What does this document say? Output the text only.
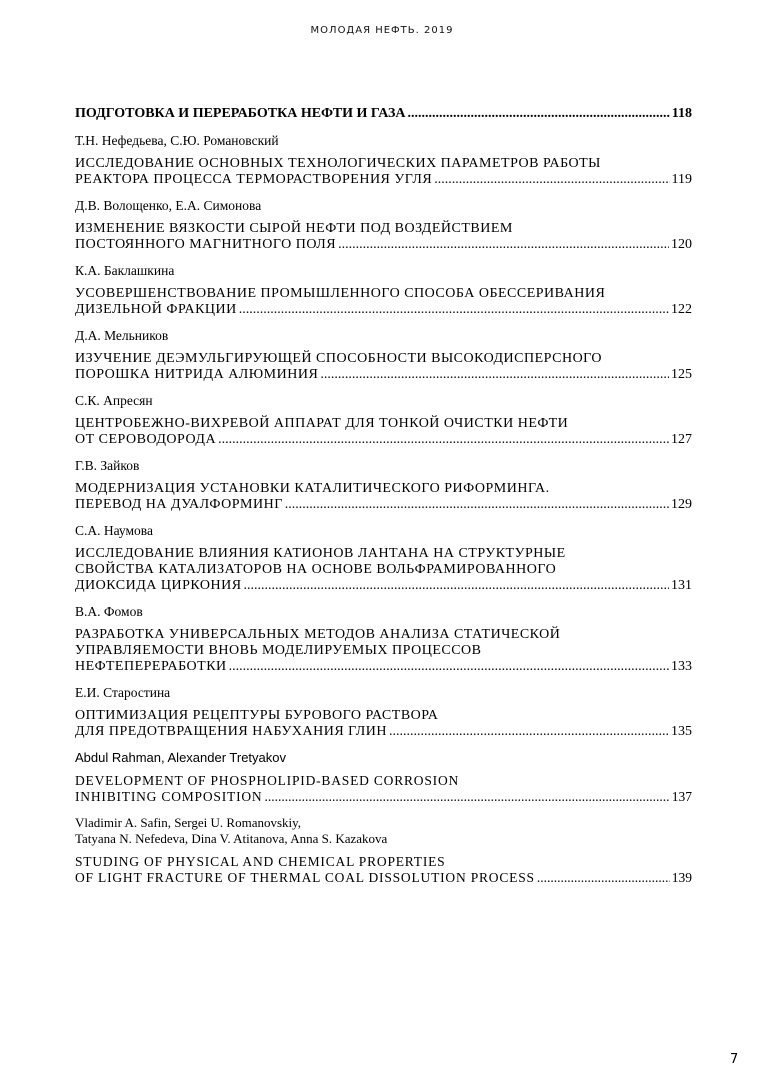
МОЛОДАЯ НЕФТЬ. 2019
ПОДГОТОВКА И ПЕРЕРАБОТКА НЕФТИ И ГАЗА .....	118
Т.Н. Нефедьева, С.Ю. Романовский
ИССЛЕДОВАНИЕ ОСНОВНЫХ ТЕХНОЛОГИЧЕСКИХ ПАРАМЕТРОВ РАБОТЫ
РЕАКТОРА ПРОЦЕССА ТЕРМОРАСТВОРЕНИЯ УГЛЯ .....	119
Д.В. Волощенко, Е.А. Симонова
ИЗМЕНЕНИЕ ВЯЗКОСТИ СЫРОЙ НЕФТИ ПОД ВОЗДЕЙСТВИЕМ
ПОСТОЯННОГО МАГНИТНОГО ПОЛЯ .....	120
К.А. Баклашкина
УСОВЕРШЕНСТВОВАНИЕ ПРОМЫШЛЕННОГО СПОСОБА ОБЕССЕРИВАНИЯ
ДИЗЕЛЬНОЙ ФРАКЦИИ .....	122
Д.А. Мельников
ИЗУЧЕНИЕ ДЕЭМУЛЬГИРУЮЩЕЙ СПОСОБНОСТИ ВЫСОКОДИСПЕРСНОГО
ПОРОШКА НИТРИДА АЛЮМИНИЯ .....	125
С.К. Апресян
ЦЕНТРОБЕЖНО-ВИХРЕВОЙ АППАРАТ ДЛЯ ТОНКОЙ ОЧИСТКИ НЕФТИ
ОТ СЕРОВОДОРОДА .....	127
Г.В. Зайков
МОДЕРНИЗАЦИЯ УСТАНОВКИ КАТАЛИТИЧЕСКОГО РИФОРМИНГА.
ПЕРЕВОД НА ДУАЛФОРМИНГ .....	129
С.А. Наумова
ИССЛЕДОВАНИЕ ВЛИЯНИЯ КАТИОНОВ ЛАНТАНА НА СТРУКТУРНЫЕ
СВОЙСТВА КАТАЛИЗАТОРОВ НА ОСНОВЕ ВОЛЬФРАМИРОВАННОГО
ДИОКСИДА ЦИРКОНИЯ .....	131
В.А. Фомов
РАЗРАБОТКА УНИВЕРСАЛЬНЫХ МЕТОДОВ АНАЛИЗА СТАТИЧЕСКОЙ
УПРАВЛЯЕМОСТИ ВНОВЬ МОДЕЛИРУЕМЫХ ПРОЦЕССОВ
НЕФТЕПЕРЕРАБОТКИ .....	133
Е.И. Старостина
ОПТИМИЗАЦИЯ РЕЦЕПТУРЫ БУРОВОГО РАСТВОРА
ДЛЯ ПРЕДОТВРАЩЕНИЯ НАБУХАНИЯ ГЛИН .....	135
Abdul Rahman, Alexander Tretyakov
DEVELOPMENT OF PHOSPHOLIPID-BASED CORROSION
INHIBITING COMPOSITION .....	137
Vladimir A. Safin, Sergei U. Romanovskiy,
Tatyana N. Nefedeva, Dina V. Atitanova, Anna S. Kazakova
STUDING OF PHYSICAL AND CHEMICAL PROPERTIES
OF LIGHT FRACTURE OF THERMAL COAL DISSOLUTION PROCESS .....	139
7
